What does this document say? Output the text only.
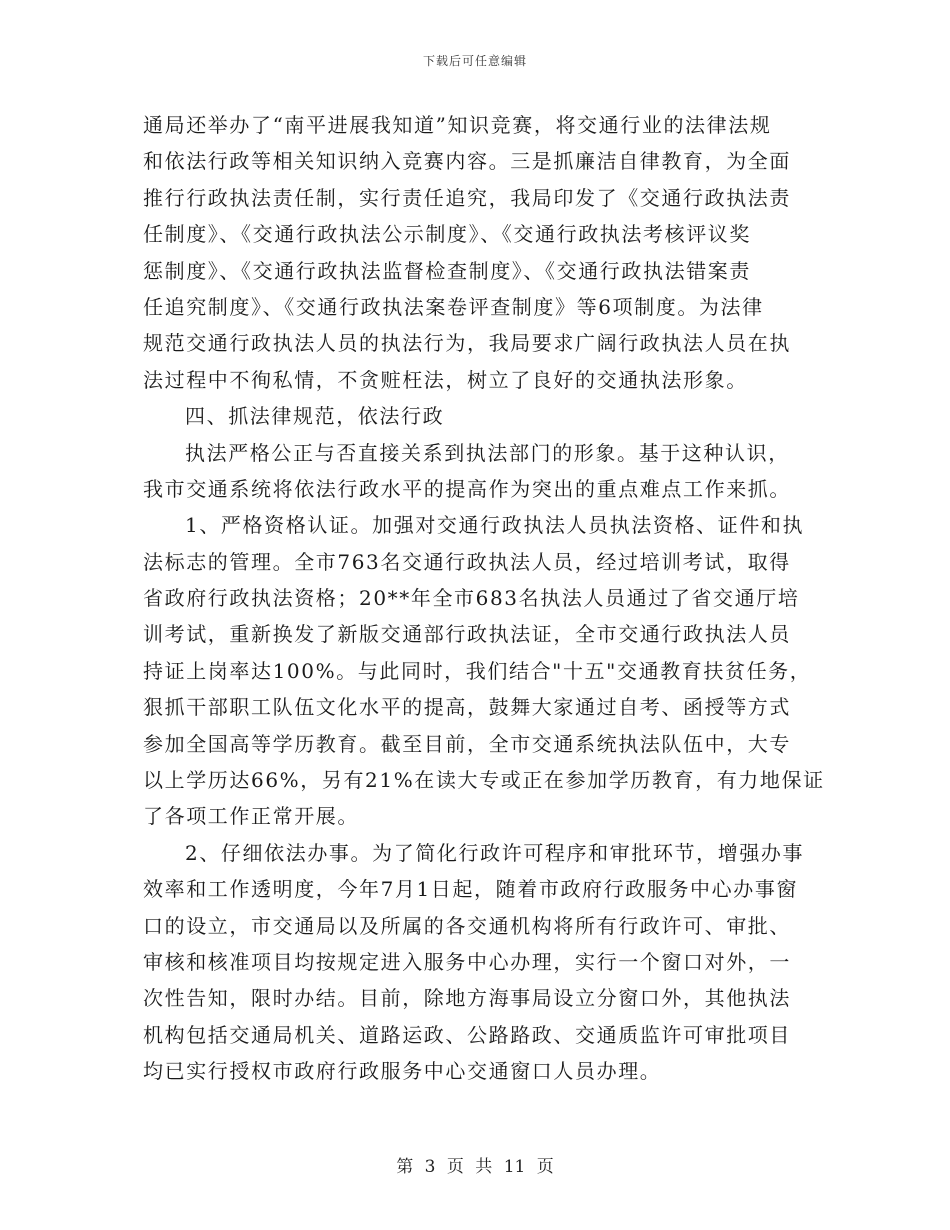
下载后可任意编辑
通局还举办了“南平进展我知道”知识竞赛，将交通行业的法律法规
和依法行政等相关知识纳入竞赛内容。三是抓廉洁自律教育，为全面
推行行政执法责任制，实行责任追究，我局印发了《交通行政执法责
任制度》、《交通行政执法公示制度》、《交通行政执法考核评议奖
惩制度》、《交通行政执法监督检查制度》、《交通行政执法错案责
任追究制度》、《交通行政执法案卷评查制度》等6项制度。为法律
规范交通行政执法人员的执法行为，我局要求广阔行政执法人员在执
法过程中不徇私情，不贪赃枉法，树立了良好的交通执法形象。
四、抓法律规范，依法行政
执法严格公正与否直接关系到执法部门的形象。基于这种认识，
我市交通系统将依法行政水平的提高作为突出的重点难点工作来抓。
1、严格资格认证。加强对交通行政执法人员执法资格、证件和执
法标志的管理。全市763名交通行政执法人员，经过培训考试，取得
省政府行政执法资格；20**年全市683名执法人员通过了省交通厅培
训考试，重新换发了新版交通部行政执法证，全市交通行政执法人员
持证上岗率达100%。与此同时，我们结合"十五"交通教育扶贫任务，
狠抓干部职工队伍文化水平的提高，鼓舞大家通过自考、函授等方式
参加全国高等学历教育。截至目前，全市交通系统执法队伍中，大专
以上学历达66%，另有21%在读大专或正在参加学历教育，有力地保证
了各项工作正常开展。
2、仔细依法办事。为了简化行政许可程序和审批环节，增强办事
效率和工作透明度，今年7月1日起，随着市政府行政服务中心办事窗
口的设立，市交通局以及所属的各交通机构将所有行政许可、审批、
审核和核准项目均按规定进入服务中心办理，实行一个窗口对外，一
次性告知，限时办结。目前，除地方海事局设立分窗口外，其他执法
机构包括交通局机关、道路运政、公路路政、交通质监许可审批项目
均已实行授权市政府行政服务中心交通窗口人员办理。
第 3 页 共 11 页
